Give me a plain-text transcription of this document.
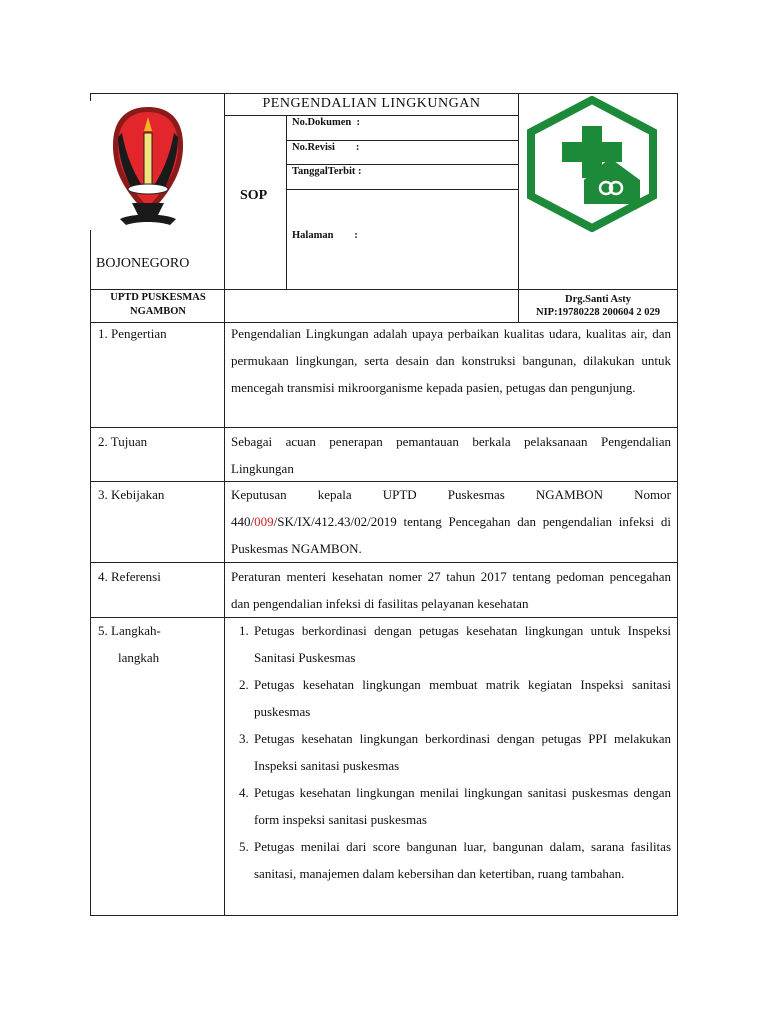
BOJONEGORO
PENGENDALIAN LINGKUNGAN
SOP
No.Dokumen  :
No.Revisi        :
TanggalTerbit :
Halaman        :
UPTD PUSKESMAS NGAMBON
Drg.Santi Asty
NIP:19780228 200604 2 029
1. Pengertian	Pengendalian Lingkungan adalah upaya perbaikan kualitas udara, kualitas air, dan permukaan lingkungan, serta desain dan konstruksi bangunan, dilakukan untuk mencegah transmisi mikroorganisme kepada pasien, petugas dan pengunjung.
2. Tujuan	Sebagai acuan penerapan pemantauan berkala pelaksanaan Pengendalian Lingkungan
3. Kebijakan	Keputusan kepala UPTD Puskesmas NGAMBON Nomor 440/009/SK/IX/412.43/02/2019 tentang Pencegahan dan pengendalian infeksi di Puskesmas NGAMBON.
4. Referensi	Peraturan menteri kesehatan nomer 27 tahun 2017 tentang pedoman pencegahan dan pengendalian infeksi di fasilitas pelayanan kesehatan
5. Langkah-
langkah
1. Petugas berkordinasi dengan petugas kesehatan lingkungan untuk Inspeksi Sanitasi Puskesmas
2. Petugas kesehatan lingkungan membuat matrik kegiatan Inspeksi sanitasi puskesmas
3. Petugas kesehatan lingkungan berkordinasi dengan petugas PPI melakukan Inspeksi sanitasi puskesmas
4. Petugas kesehatan lingkungan menilai lingkungan sanitasi puskesmas dengan form inspeksi sanitasi puskesmas
5. Petugas menilai dari score bangunan luar, bangunan dalam, sarana fasilitas sanitasi, manajemen dalam kebersihan dan ketertiban, ruang tambahan.
